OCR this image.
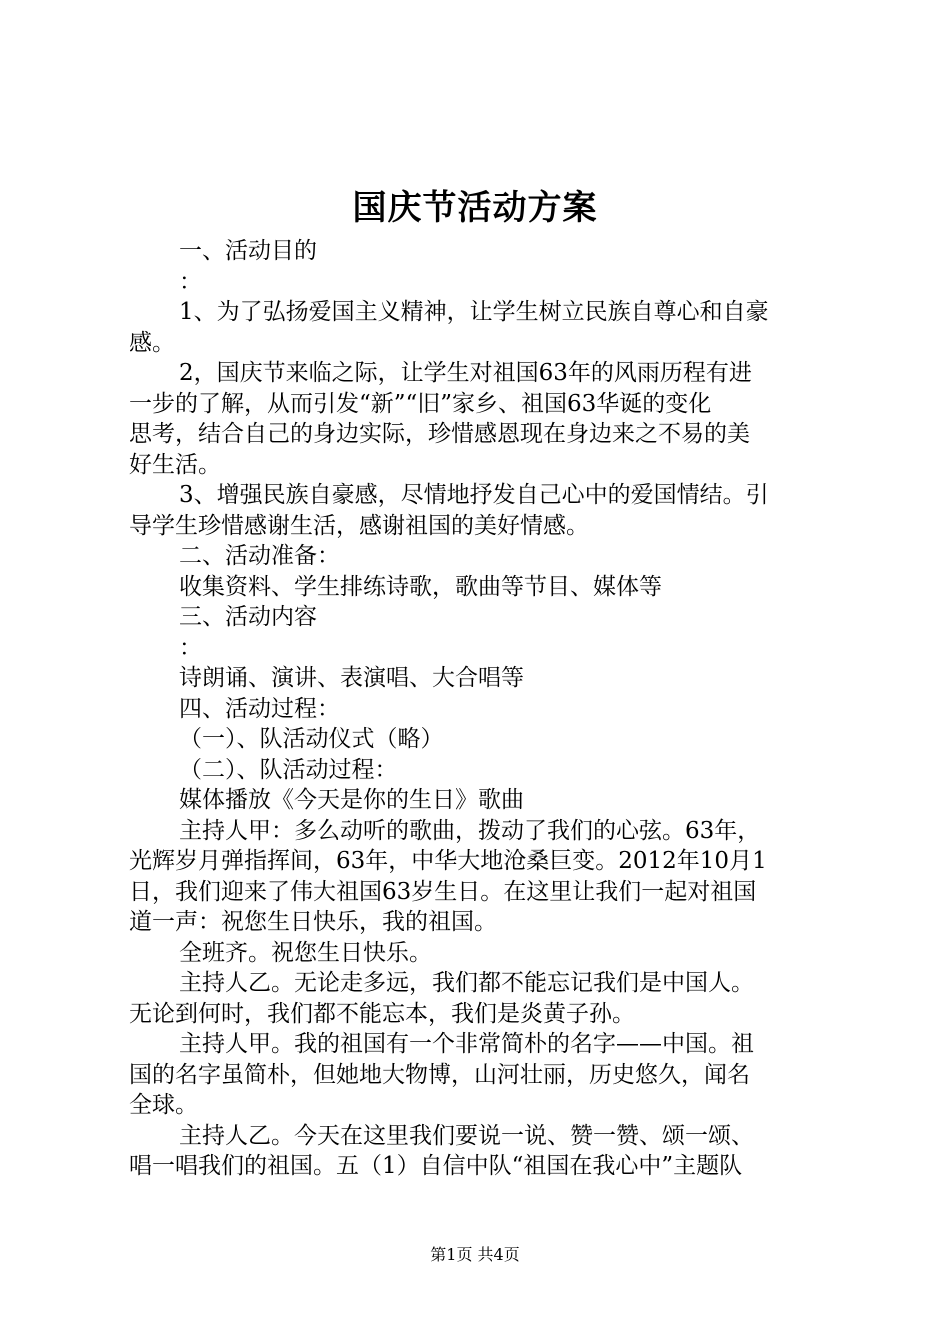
国庆节活动方案

一、活动目的

：

1、为了弘扬爱国主义精神，让学生树立民族自尊心和自豪

感。

2，国庆节来临之际，让学生对祖国63年的风雨历程有进

一步的了解，从而引发“新”“旧”家乡、祖国63华诞的变化

思考，结合自己的身边实际，珍惜感恩现在身边来之不易的美

好生活。

3、增强民族自豪感，尽情地抒发自己心中的爱国情结。引

导学生珍惜感谢生活，感谢祖国的美好情感。

二、活动准备：

收集资料、学生排练诗歌，歌曲等节目、媒体等

三、活动内容

：

诗朗诵、演讲、表演唱、大合唱等

四、活动过程：

（一）、队活动仪式（略）

（二）、队活动过程：

媒体播放《今天是你的生日》歌曲

主持人甲：多么动听的歌曲，拨动了我们的心弦。63年，

光辉岁月弹指挥间，63年，中华大地沧桑巨变。2012年10月1

日，我们迎来了伟大祖国63岁生日。在这里让我们一起对祖国

道一声：祝您生日快乐，我的祖国。

全班齐。祝您生日快乐。

主持人乙。无论走多远，我们都不能忘记我们是中国人。

无论到何时，我们都不能忘本，我们是炎黄子孙。

主持人甲。我的祖国有一个非常简朴的名字——中国。祖

国的名字虽简朴，但她地大物博，山河壮丽，历史悠久，闻名

全球。

主持人乙。今天在这里我们要说一说、赞一赞、颂一颂、

唱一唱我们的祖国。五（1）自信中队“祖国在我心中”主题队

第1页 共4页
